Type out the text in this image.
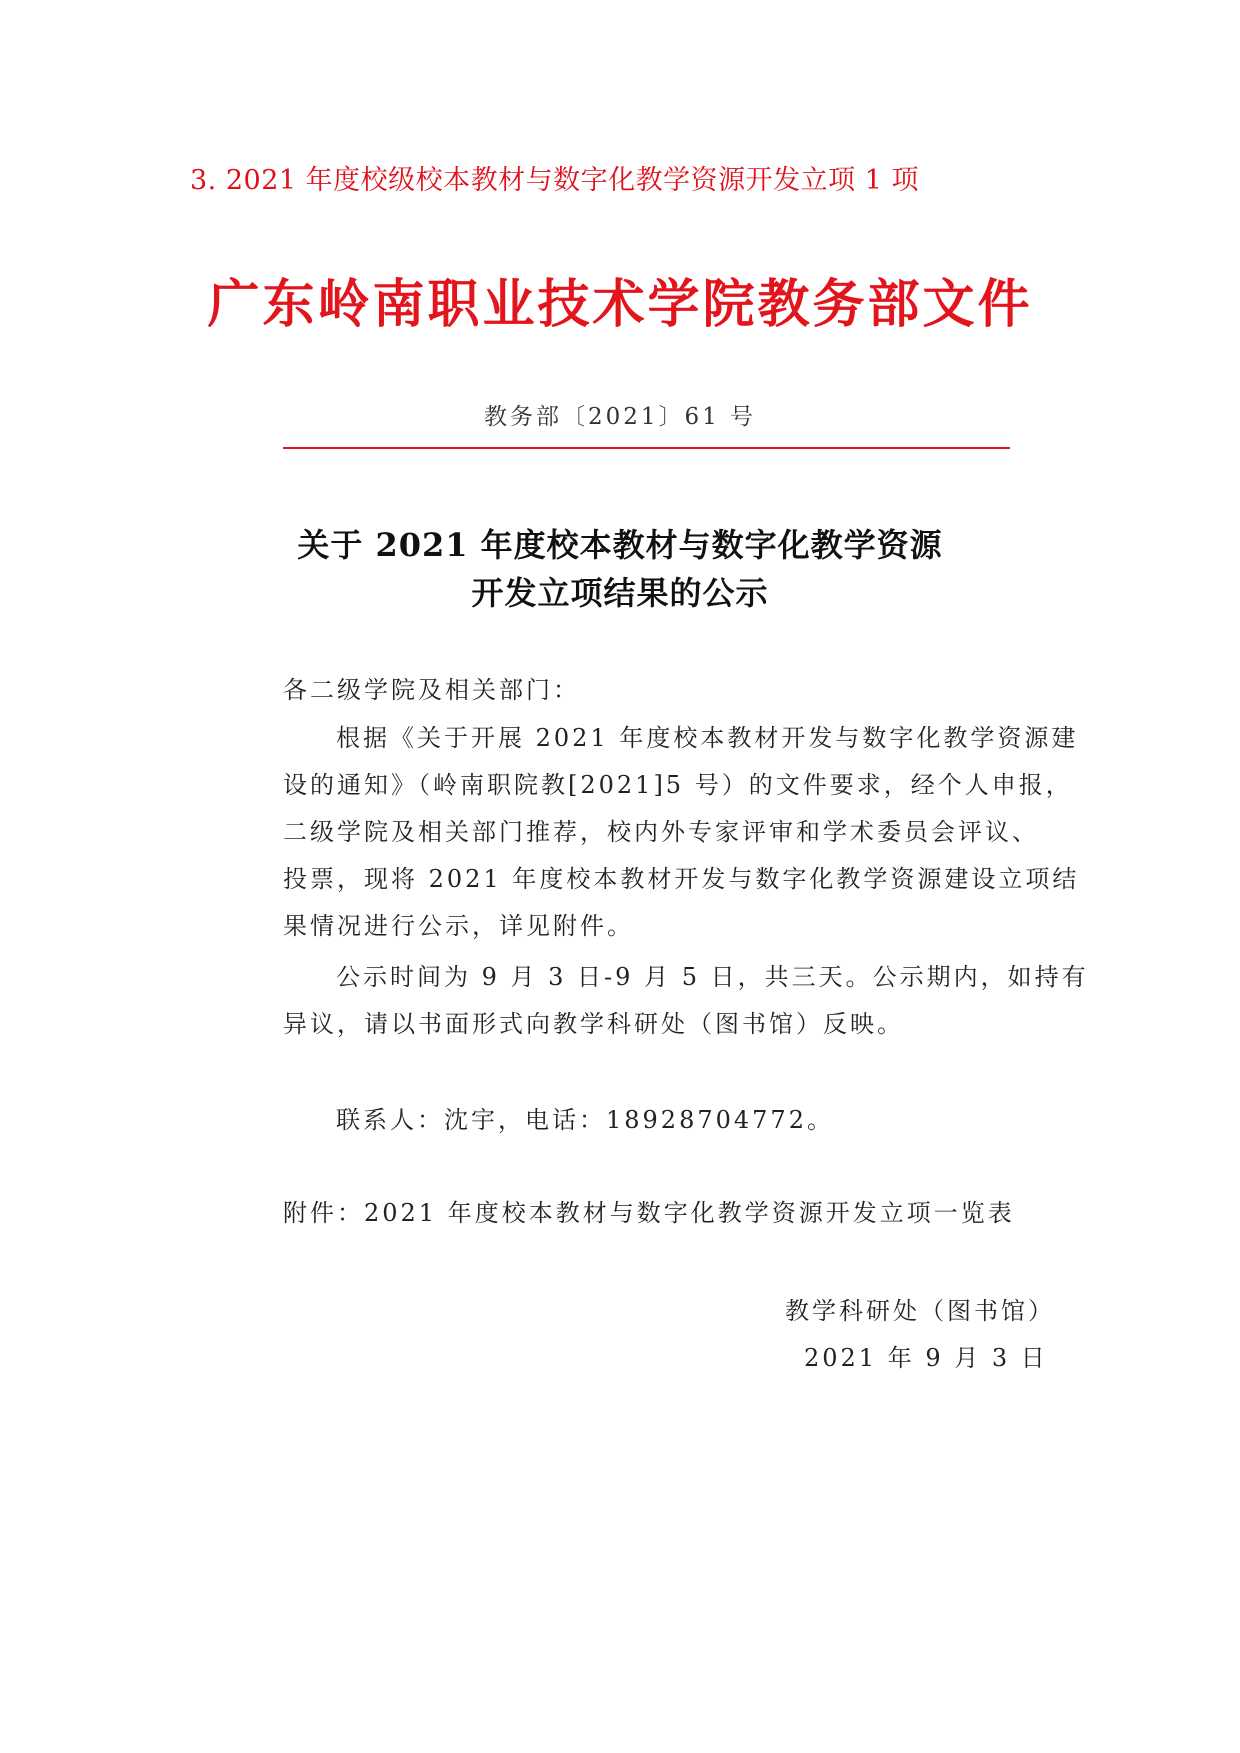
3. 2021 年度校级校本教材与数字化教学资源开发立项 1 项
广东岭南职业技术学院教务部文件
教务部〔2021〕61 号
关于 2021 年度校本教材与数字化教学资源
开发立项结果的公示
各二级学院及相关部门：
根据《关于开展 2021 年度校本教材开发与数字化教学资源建
设的通知》（岭南职院教[2021]5 号）的文件要求，经个人申报，
二级学院及相关部门推荐，校内外专家评审和学术委员会评议、
投票，现将 2021 年度校本教材开发与数字化教学资源建设立项结
果情况进行公示，详见附件。
公示时间为 9 月 3 日-9 月 5 日，共三天。公示期内，如持有
异议，请以书面形式向教学科研处（图书馆）反映。
联系人：沈宇，电话：18928704772。
附件：2021 年度校本教材与数字化教学资源开发立项一览表
教学科研处（图书馆）
2021 年 9 月 3 日
